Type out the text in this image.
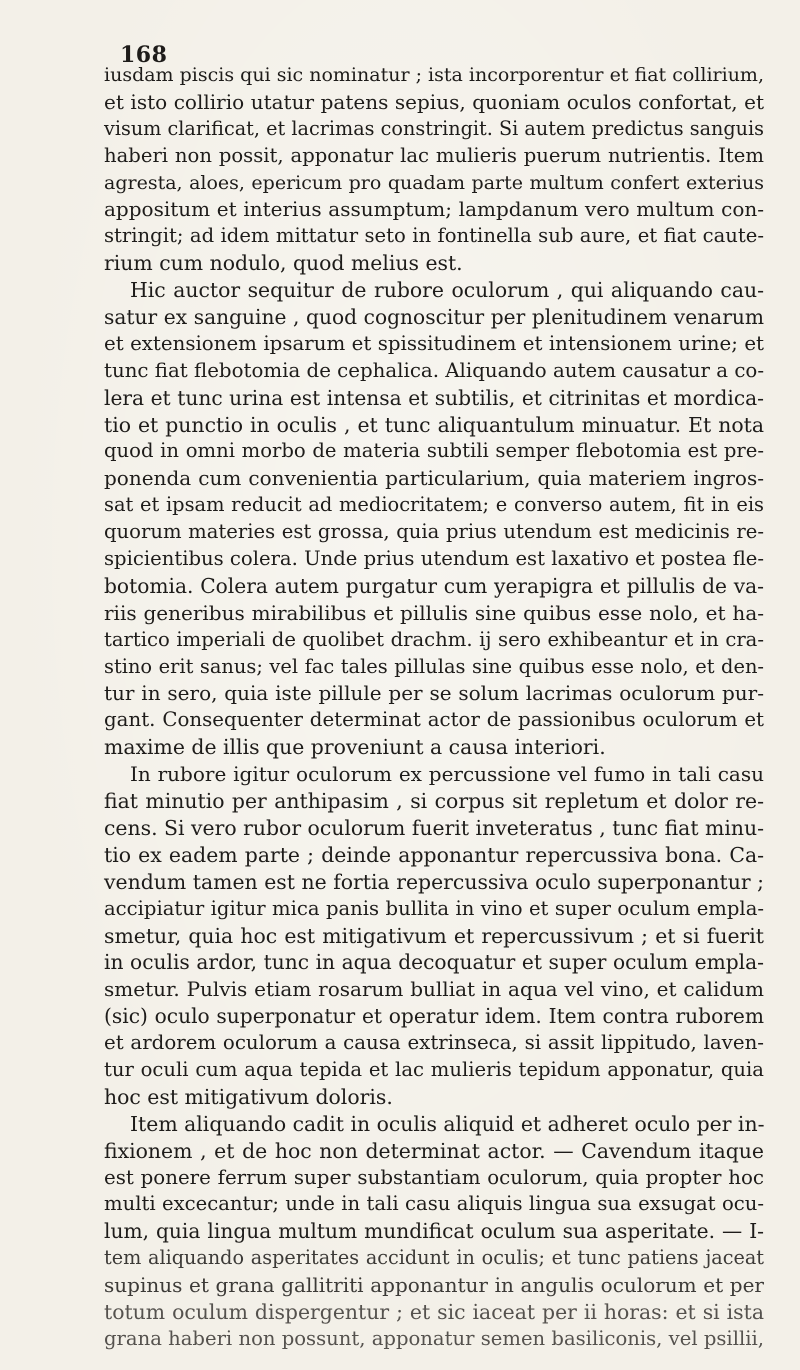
168
iusdam piscis qui sic nominatur ; ista incorporentur et fiat collirium,
et isto collirio utatur patens sepius, quoniam oculos confortat, et
visum clarificat, et lacrimas constringit. Si autem predictus sanguis
haberi non possit, apponatur lac mulieris puerum nutrientis. Item
agresta, aloes, epericum pro quadam parte multum confert exterius
appositum et interius assumptum; lampdanum vero multum con-
stringit; ad idem mittatur seto in fontinella sub aure, et fiat caute-
rium cum nodulo, quod melius est.
Hic auctor sequitur de rubore oculorum , qui aliquando cau-
satur ex sanguine , quod cognoscitur per plenitudinem venarum
et extensionem ipsarum et spissitudinem et intensionem urine; et
tunc fiat flebotomia de cephalica. Aliquando autem causatur a co-
lera et tunc urina est intensa et subtilis, et citrinitas et mordica-
tio et punctio in oculis , et tunc aliquantulum minuatur. Et nota
quod in omni morbo de materia subtili semper flebotomia est pre-
ponenda cum convenientia particularium, quia materiem ingros-
sat et ipsam reducit ad mediocritatem; e converso autem, fit in eis
quorum materies est grossa, quia prius utendum est medicinis re-
spicientibus colera. Unde prius utendum est laxativo et postea fle-
botomia. Colera autem purgatur cum yerapigra et pillulis de va-
riis generibus mirabilibus et pillulis sine quibus esse nolo, et ha-
tartico imperiali de quolibet drachm. ij sero exhibeantur et in cra-
stino erit sanus; vel fac tales pillulas sine quibus esse nolo, et den-
tur in sero, quia iste pillule per se solum lacrimas oculorum pur-
gant. Consequenter determinat actor de passionibus oculorum et
maxime de illis que proveniunt a causa interiori.
In rubore igitur oculorum ex percussione vel fumo in tali casu
fiat minutio per anthipasim , si corpus sit repletum et dolor re-
cens. Si vero rubor oculorum fuerit inveteratus , tunc fiat minu-
tio ex eadem parte ; deinde apponantur repercussiva bona. Ca-
vendum tamen est ne fortia repercussiva oculo superponantur ;
accipiatur igitur mica panis bullita in vino et super oculum empla-
smetur, quia hoc est mitigativum et repercussivum ; et si fuerit
in oculis ardor, tunc in aqua decoquatur et super oculum empla-
smetur. Pulvis etiam rosarum bulliat in aqua vel vino, et calidum
(sic) oculo superponatur et operatur idem. Item contra ruborem
et ardorem oculorum a causa extrinseca, si assit lippitudo, laven-
tur oculi cum aqua tepida et lac mulieris tepidum apponatur, quia
hoc est mitigativum doloris.
Item aliquando cadit in oculis aliquid et adheret oculo per in-
fixionem , et de hoc non determinat actor. — Cavendum itaque
est ponere ferrum super substantiam oculorum, quia propter hoc
multi excecantur; unde in tali casu aliquis lingua sua exsugat ocu-
lum, quia lingua multum mundificat oculum sua asperitate. — I-
tem aliquando asperitates accidunt in oculis; et tunc patiens jaceat
supinus et grana gallitriti apponantur in angulis oculorum et per
totum oculum dispergentur ; et sic iaceat per ii horas: et si ista
grana haberi non possunt, apponatur semen basiliconis, vel psillii,
